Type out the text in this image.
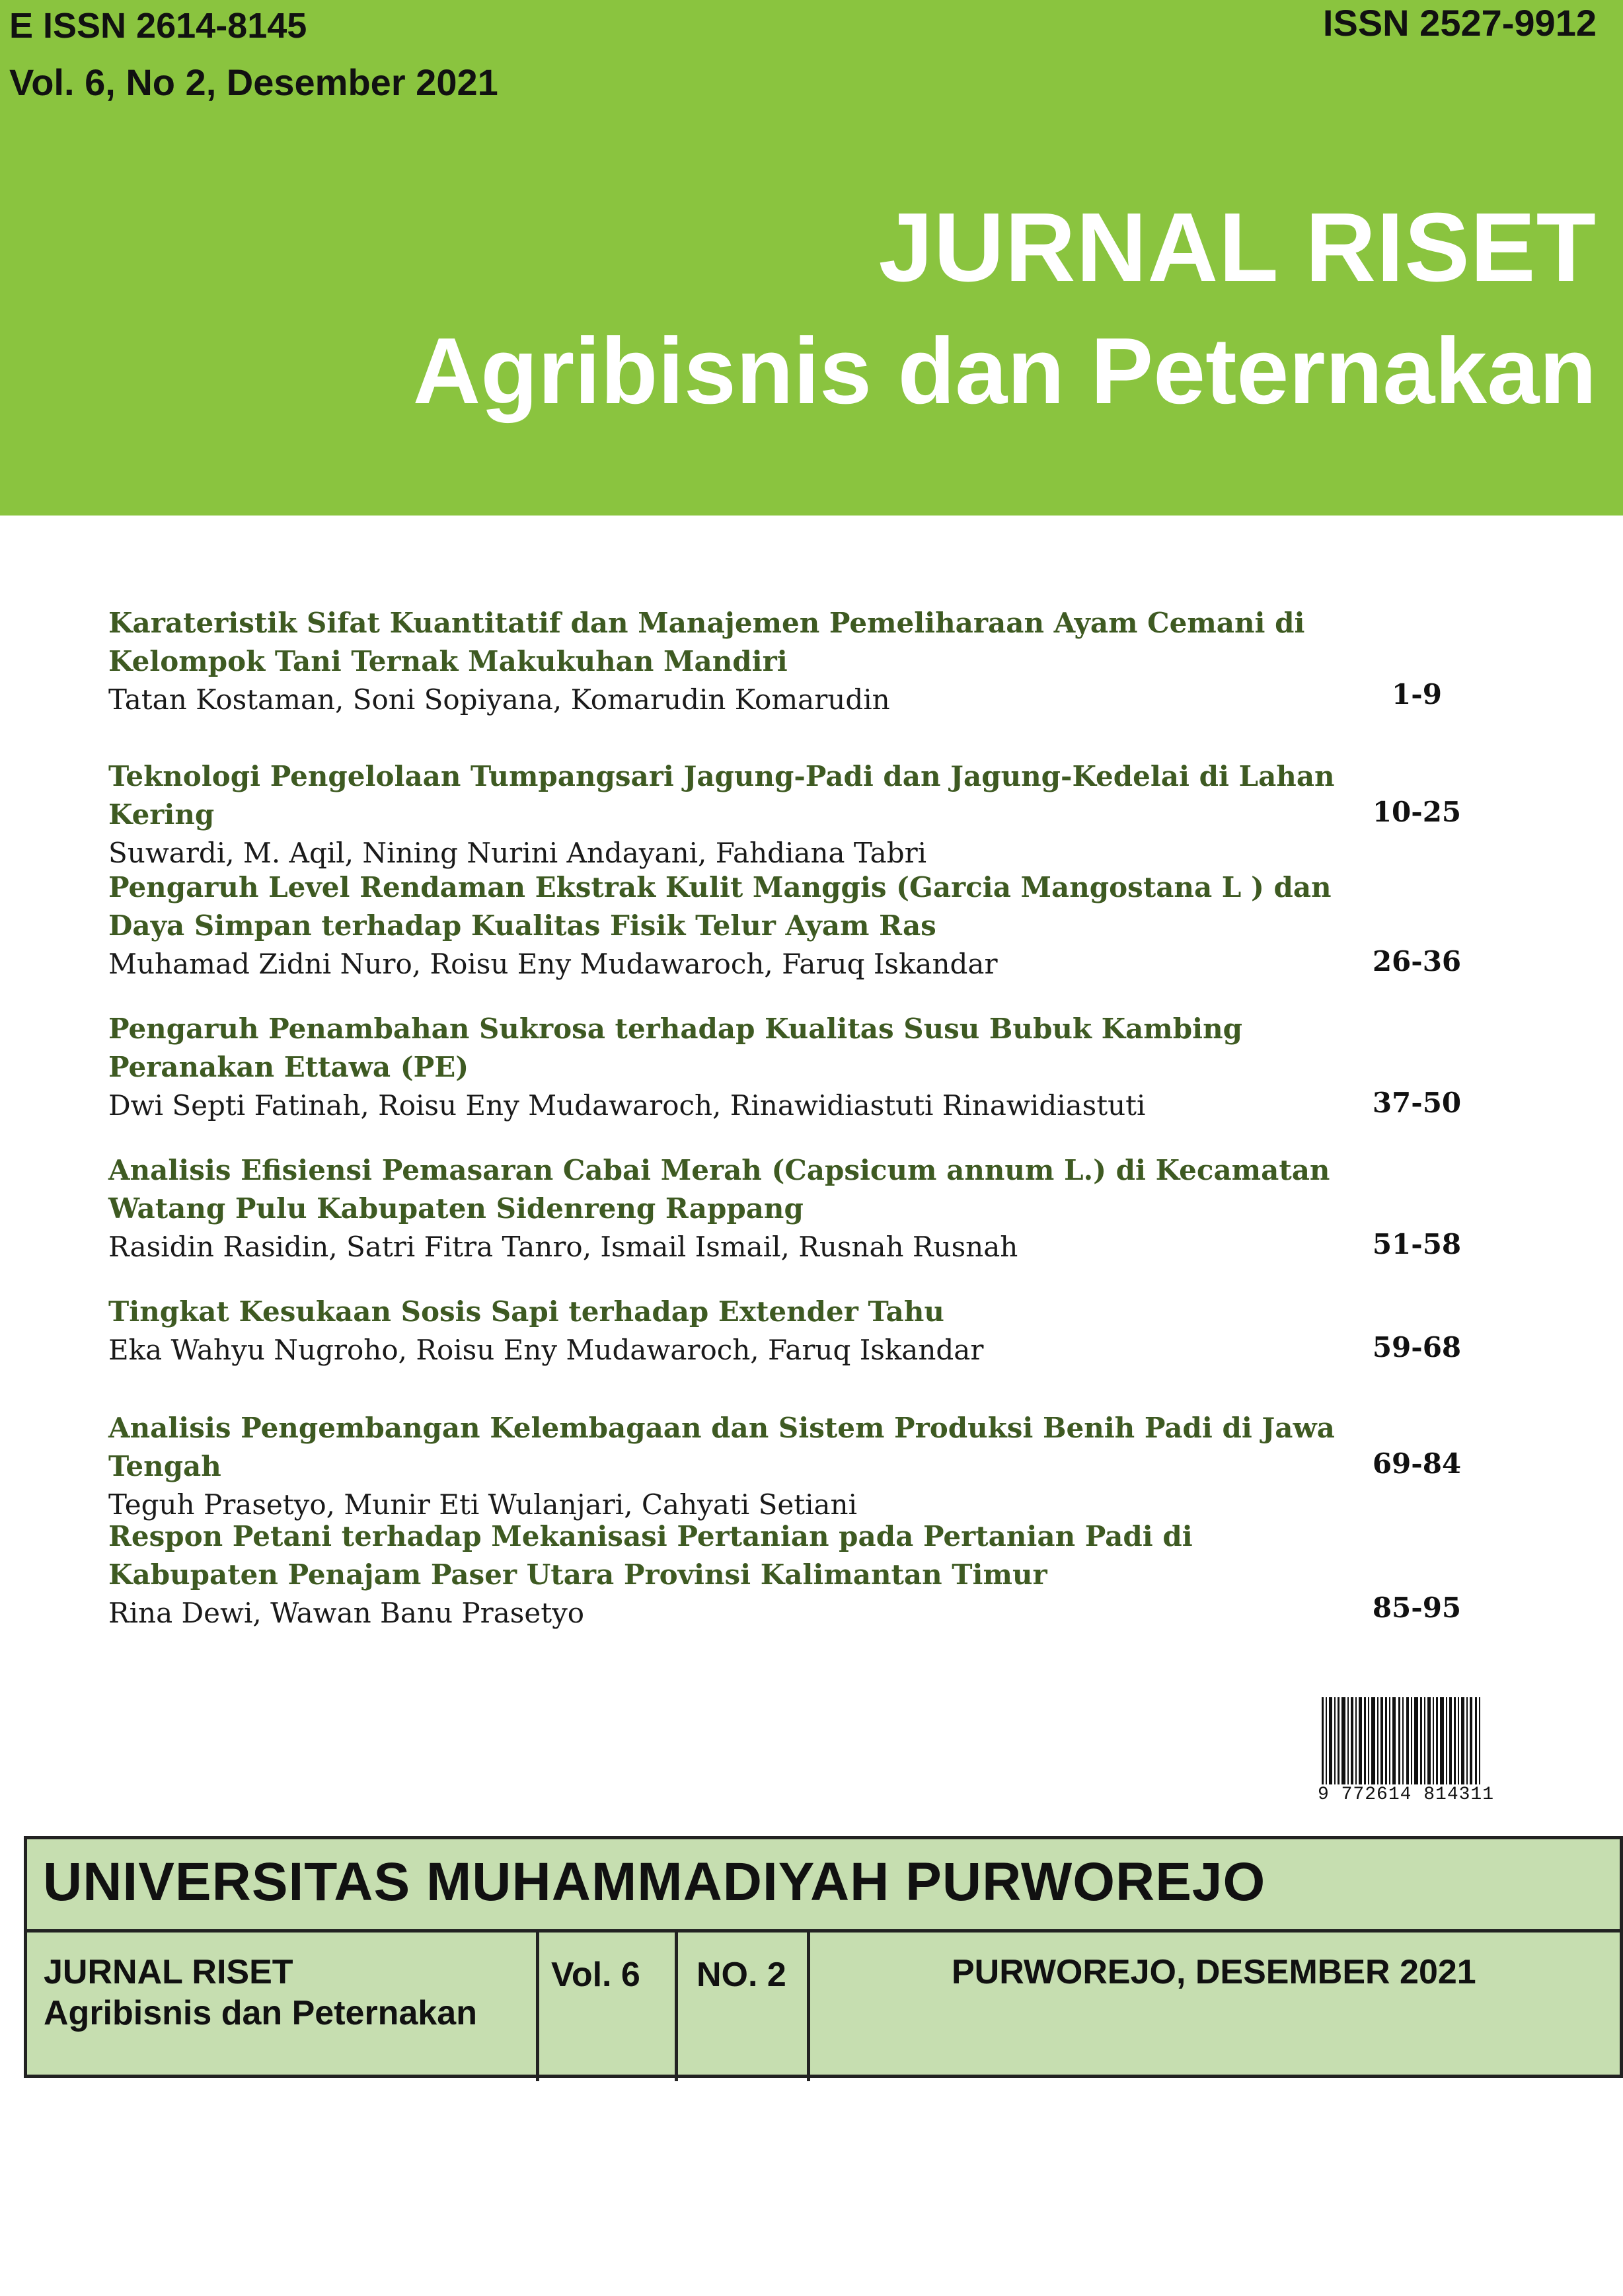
E ISSN 2614-8145
Vol. 6, No 2, Desember 2021
ISSN 2527-9912
JURNAL RISET
Agribisnis dan Peternakan
Karateristik Sifat Kuantitatif dan Manajemen Pemeliharaan Ayam Cemani di Kelompok Tani Ternak Makukuhan Mandiri
Tatan Kostaman, Soni Sopiyana, Komarudin Komarudin	1-9
Teknologi Pengelolaan Tumpangsari Jagung-Padi dan Jagung-Kedelai di Lahan Kering
Suwardi, M. Aqil, Nining Nurini Andayani, Fahdiana Tabri
10-25
Pengaruh Level Rendaman Ekstrak Kulit Manggis (Garcia Mangostana L ) dan Daya Simpan terhadap Kualitas Fisik Telur Ayam Ras
Muhamad Zidni Nuro, Roisu Eny Mudawaroch, Faruq Iskandar	26-36
Pengaruh Penambahan Sukrosa terhadap Kualitas Susu Bubuk Kambing Peranakan Ettawa (PE)
Dwi Septi Fatinah, Roisu Eny Mudawaroch, Rinawidiastuti Rinawidiastuti	37-50
Analisis Efisiensi Pemasaran Cabai Merah (Capsicum annum L.) di Kecamatan Watang Pulu Kabupaten Sidenreng Rappang
Rasidin Rasidin, Satri Fitra Tanro, Ismail Ismail, Rusnah Rusnah	51-58
Tingkat Kesukaan Sosis Sapi terhadap Extender Tahu
Eka Wahyu Nugroho, Roisu Eny Mudawaroch, Faruq Iskandar	59-68
Analisis Pengembangan Kelembagaan dan Sistem Produksi Benih Padi di Jawa Tengah
Teguh Prasetyo, Munir Eti Wulanjari, Cahyati Setiani
69-84
Respon Petani terhadap Mekanisasi Pertanian pada Pertanian Padi di Kabupaten Penajam Paser Utara Provinsi Kalimantan Timur
Rina Dewi, Wawan Banu Prasetyo	85-95
9 772614 814311
UNIVERSITAS MUHAMMADIYAH PURWOREJO
JURNAL RISET
Agribisnis dan Peternakan
Vol. 6 NO. 2	PURWOREJO, DESEMBER 2021
